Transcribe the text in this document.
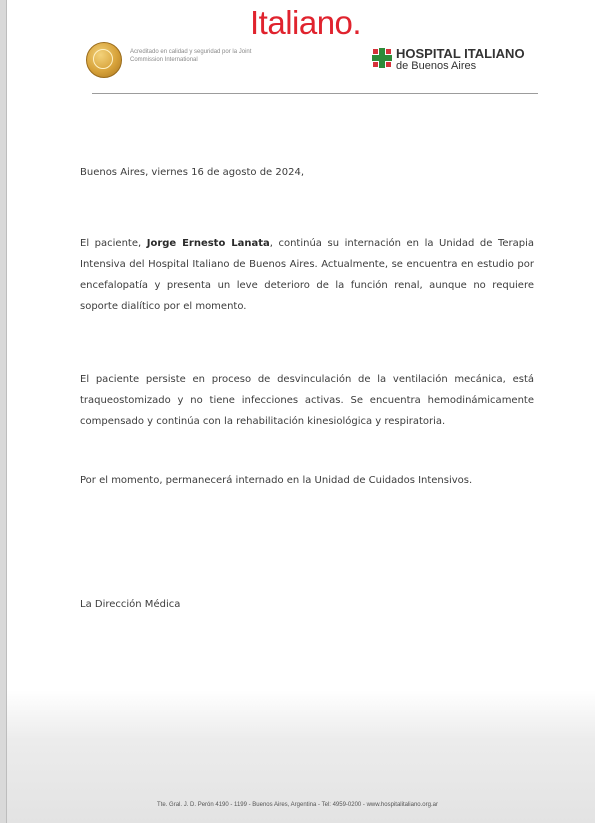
Italiano.
Acreditado en calidad y seguridad por la Joint Commission International	HOSPITAL ITALIANO
de Buenos Aires
Buenos Aires, viernes 16 de agosto de 2024,
El paciente, Jorge Ernesto Lanata, continúa su internación en la Unidad de Terapia Intensiva del Hospital Italiano de Buenos Aires. Actualmente, se encuentra en estudio por encefalopatía y presenta un leve deterioro de la función renal, aunque no requiere soporte dialítico por el momento.
El paciente persiste en proceso de desvinculación de la ventilación mecánica, está traqueostomizado y no tiene infecciones activas. Se encuentra hemodinámicamente compensado y continúa con la rehabilitación kinesiológica y respiratoria.
Por el momento, permanecerá internado en la Unidad de Cuidados Intensivos.
La Dirección Médica
Tte. Gral. J. D. Perón 4190 - 1199 - Buenos Aires, Argentina - Tel: 4959-0200 - www.hospitalitaliano.org.ar
